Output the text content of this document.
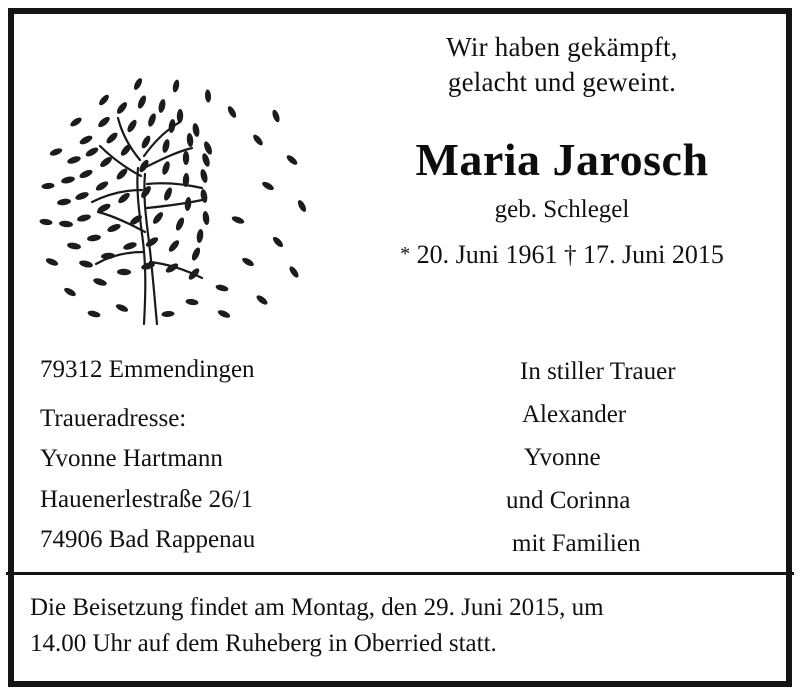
Wir haben gekämpft,
gelacht und geweint.
Maria Jarosch
geb. Schlegel
* 20. Juni 1961 † 17. Juni 2015
79312 Emmendingen
Traueradresse:
Yvonne Hartmann
Hauenerlestraße 26/1
74906 Bad Rappenau
In stiller Trauer
Alexander
Yvonne
und Corinna
mit Familien
Die Beisetzung findet am Montag, den 29. Juni 2015, um
14.00 Uhr auf dem Ruheberg in Oberried statt.
